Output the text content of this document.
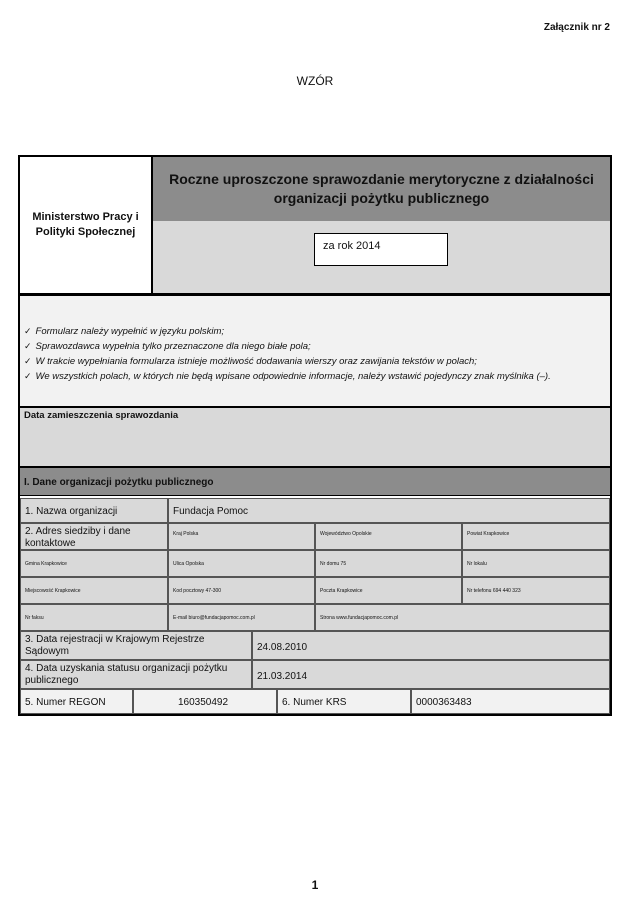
Załącznik nr 2
WZÓR
Ministerstwo Pracy i Polityki Społecznej
Roczne uproszczone sprawozdanie merytoryczne z działalności organizacji pożytku publicznego
za rok 2014
✓ Formularz należy wypełnić w języku polskim;
✓ Sprawozdawca wypełnia tylko przeznaczone dla niego białe pola;
✓ W trakcie wypełniania formularza istnieje możliwość dodawania wierszy oraz zawijania tekstów w polach;
✓ We wszystkich polach, w których nie będą wpisane odpowiednie informacje, należy wstawić pojedynczy znak myślnika (–).
Data zamieszczenia sprawozdania
I. Dane organizacji pożytku publicznego
1. Nazwa organizacji	Fundacja Pomoc
2. Adres siedziby i dane kontaktowe
Kraj Polska	Województwo Opolskie	Powiat Krapkowice
Gmina Krapkowice	Ulica Opolska	Nr domu 75	Nr lokalu
Miejscowość Krapkowice	Kod pocztowy 47-300	Poczta Krapkowice	Nr telefonu 694 440 323
Nr faksu	E-mail biuro@fundacjapomoc.com.pl	Strona www.fundacjapomoc.com.pl
3. Data rejestracji w Krajowym Rejestrze Sądowym	24.08.2010
4. Data uzyskania statusu organizacji pożytku publicznego	21.03.2014
5. Numer REGON	160350492	6. Numer KRS	0000363483
1
